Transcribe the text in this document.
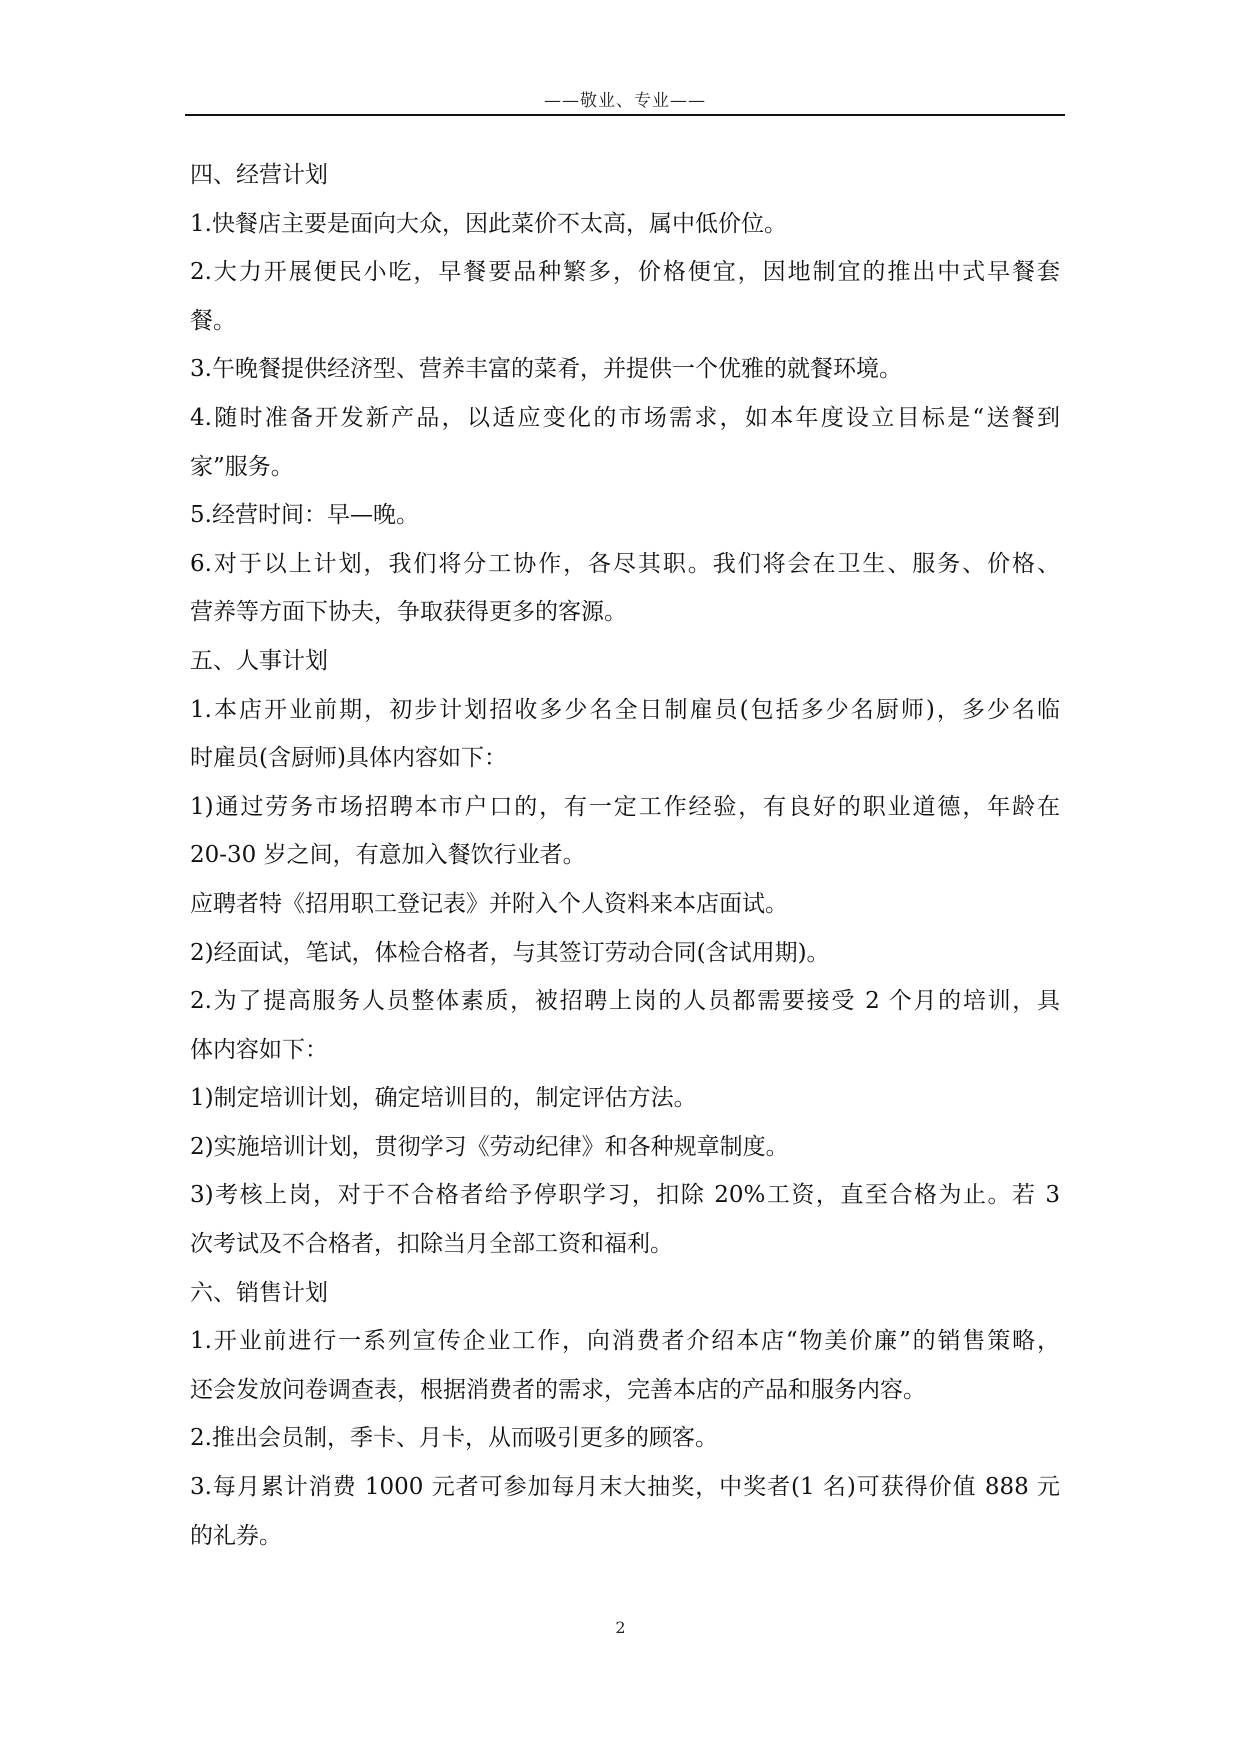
——敬业、专业——
四、经营计划
1.快餐店主要是面向大众，因此菜价不太高，属中低价位。
2.大力开展便民小吃，早餐要品种繁多，价格便宜，因地制宜的推出中式早餐套
餐。
3.午晚餐提供经济型、营养丰富的菜肴，并提供一个优雅的就餐环境。
4.随时准备开发新产品，以适应变化的市场需求，如本年度设立目标是“送餐到
家”服务。
5.经营时间：早—晚。
6.对于以上计划，我们将分工协作，各尽其职。我们将会在卫生、服务、价格、
营养等方面下协夫，争取获得更多的客源。
五、人事计划
1.本店开业前期，初步计划招收多少名全日制雇员(包括多少名厨师)，多少名临
时雇员(含厨师)具体内容如下：
1)通过劳务市场招聘本市户口的，有一定工作经验，有良好的职业道德，年龄在
20-30 岁之间，有意加入餐饮行业者。
应聘者特《招用职工登记表》并附入个人资料来本店面试。
2)经面试，笔试，体检合格者，与其签订劳动合同(含试用期)。
2.为了提高服务人员整体素质，被招聘上岗的人员都需要接受 2 个月的培训，具
体内容如下：
1)制定培训计划，确定培训目的，制定评估方法。
2)实施培训计划，贯彻学习《劳动纪律》和各种规章制度。
3)考核上岗，对于不合格者给予停职学习，扣除 20%工资，直至合格为止。若 3
次考试及不合格者，扣除当月全部工资和福利。
六、销售计划
1.开业前进行一系列宣传企业工作，向消费者介绍本店“物美价廉”的销售策略，
还会发放问卷调查表，根据消费者的需求，完善本店的产品和服务内容。
2.推出会员制，季卡、月卡，从而吸引更多的顾客。
3.每月累计消费 1000 元者可参加每月末大抽奖，中奖者(1 名)可获得价值 888 元
的礼券。
2
